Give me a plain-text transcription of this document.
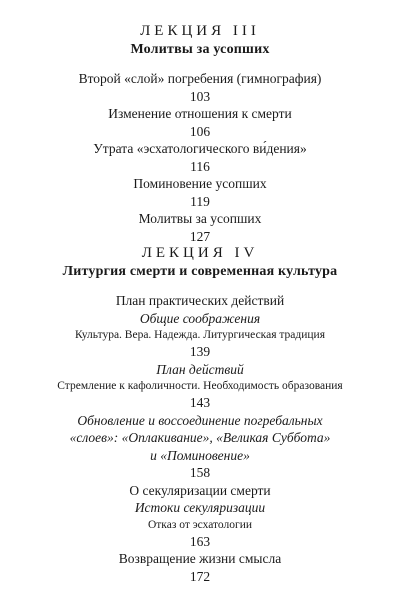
ЛЕКЦИЯ III
Молитвы за усопших
Второй «слой» погребения (гимнография)
103
Изменение отношения к смерти
106
Утрата «эсхатологического ви́дения»
116
Поминовение усопших
119
Молитвы за усопших
127
ЛЕКЦИЯ IV
Литургия смерти и современная культура
План практических действий
Общие соображения
Культура. Вера. Надежда. Литургическая традиция
139
План действий
Стремление к кафоличности. Необходимость образования
143
Обновление и воссоединение погребальных
«слоев»: «Оплакивание», «Великая Суббота»
и «Поминовение»
158
О секуляризации смерти
Истоки секуляризации
Отказ от эсхатологии
163
Возвращение жизни смысла
172
